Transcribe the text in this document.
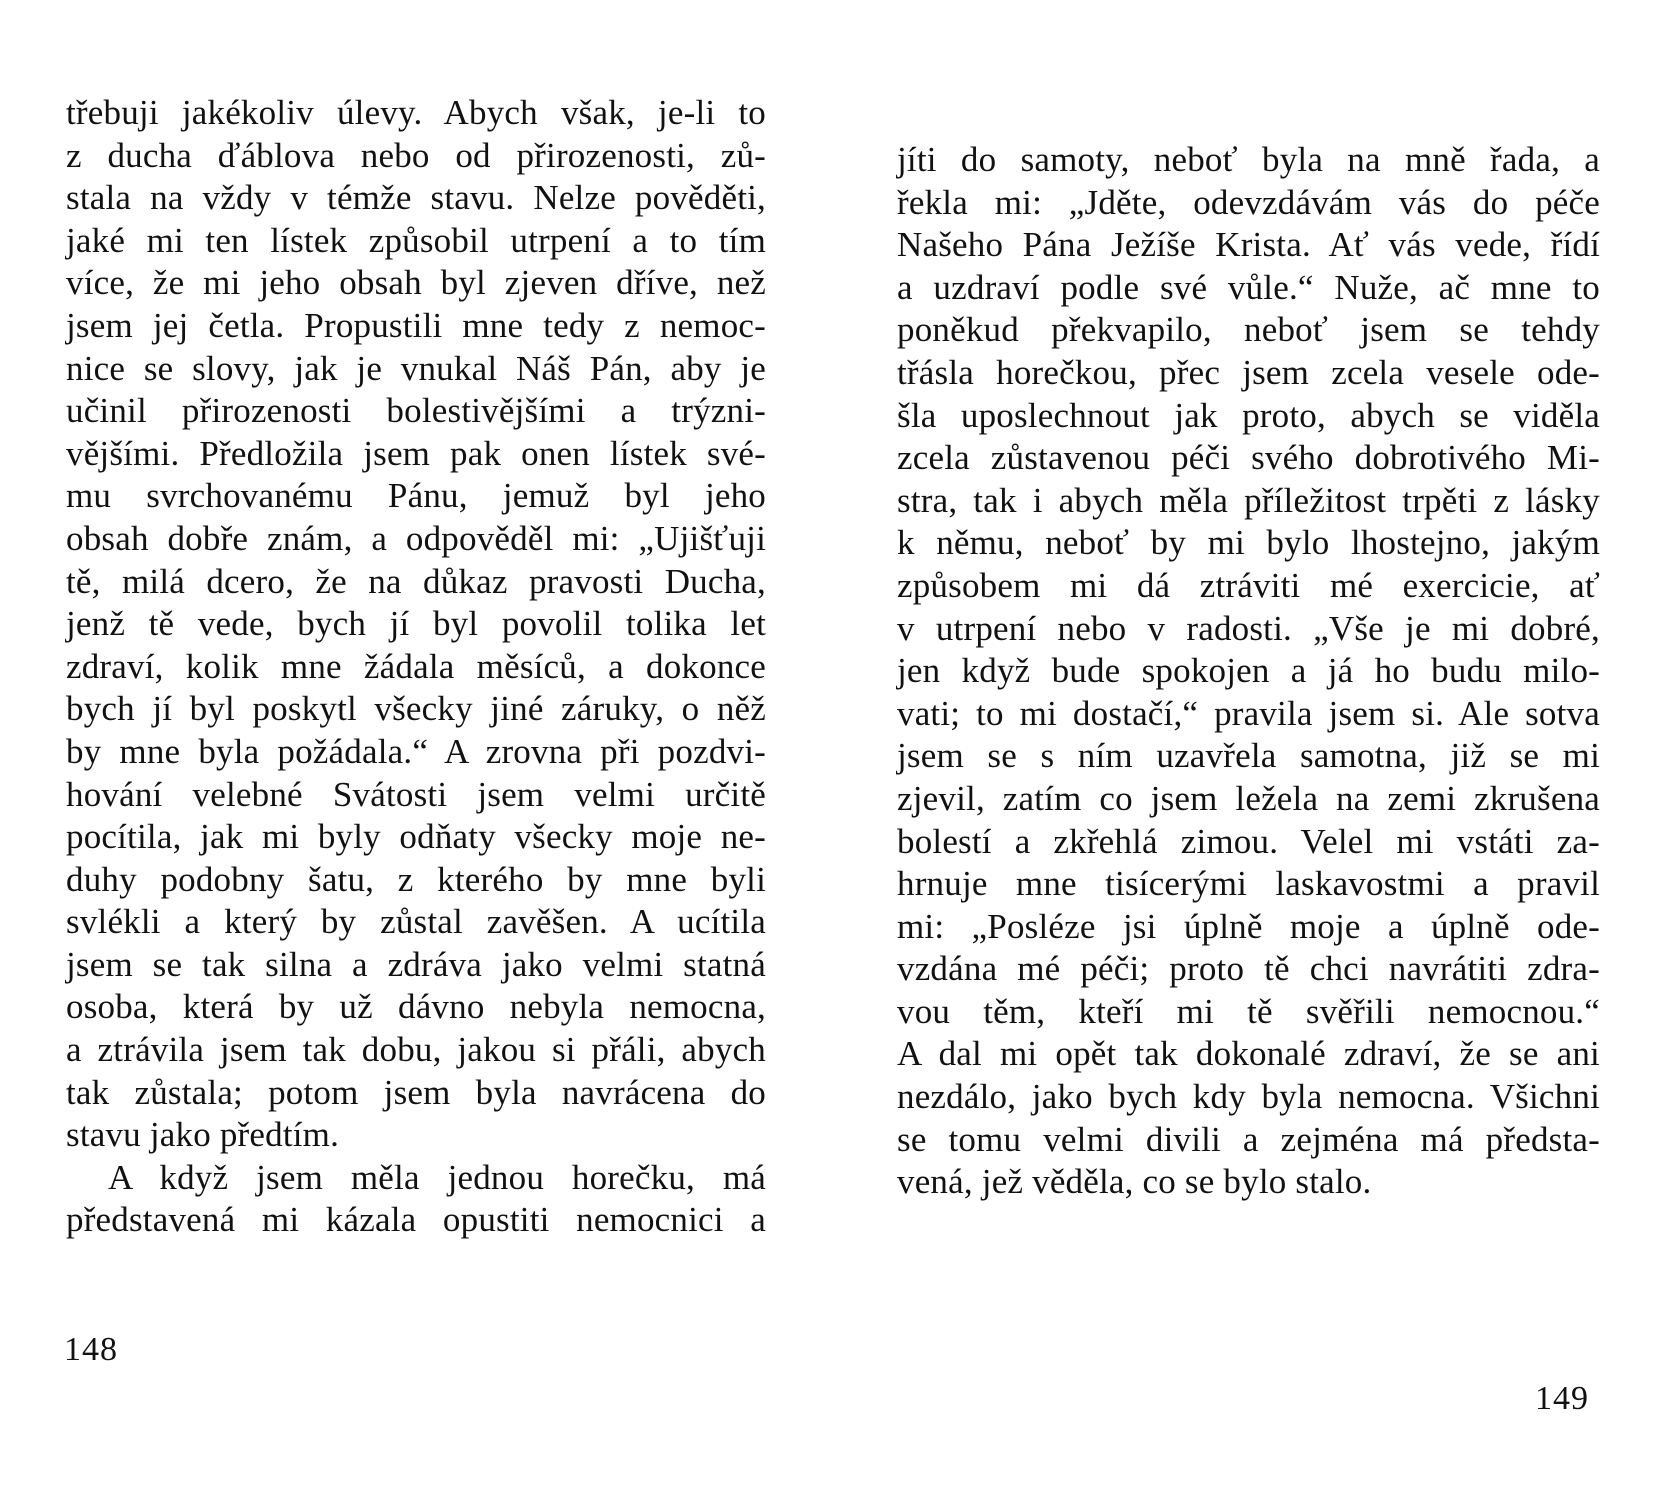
třebuji jakékoliv úlevy. Abych však, je-li to
z ducha ďáblova nebo od přirozenosti, zů-
stala na vždy v témže stavu. Nelze pověděti,
jaké mi ten lístek způsobil utrpení a to tím
více, že mi jeho obsah byl zjeven dříve, než
jsem jej četla. Propustili mne tedy z nemoc-
nice se slovy, jak je vnukal Náš Pán, aby je
učinil přirozenosti bolestivějšími a trýzni-
vějšími. Předložila jsem pak onen lístek své-
mu svrchovanému Pánu, jemuž byl jeho
obsah dobře znám, a odpověděl mi: „Ujišťuji
tě, milá dcero, že na důkaz pravosti Ducha,
jenž tě vede, bych jí byl povolil tolika let
zdraví, kolik mne žádala měsíců, a dokonce
bych jí byl poskytl všecky jiné záruky, o něž
by mne byla požádala.“ A zrovna při pozdvi-
hování velebné Svátosti jsem velmi určitě
pocítila, jak mi byly odňaty všecky moje ne-
duhy podobny šatu, z kterého by mne byli
svlékli a který by zůstal zavěšen. A ucítila
jsem se tak silna a zdráva jako velmi statná
osoba, která by už dávno nebyla nemocna,
a ztrávila jsem tak dobu, jakou si přáli, abych
tak zůstala; potom jsem byla navrácena do
stavu jako předtím.
A když jsem měla jednou horečku, má
představená mi kázala opustiti nemocnici a
148
jíti do samoty, neboť byla na mně řada, a
řekla mi: „Jděte, odevzdávám vás do péče
Našeho Pána Ježíše Krista. Ať vás vede, řídí
a uzdraví podle své vůle.“ Nuže, ač mne to
poněkud překvapilo, neboť jsem se tehdy
třásla horečkou, přec jsem zcela vesele ode-
šla uposlechnout jak proto, abych se viděla
zcela zůstavenou péči svého dobrotivého Mi-
stra, tak i abych měla příležitost trpěti z lásky
k němu, neboť by mi bylo lhostejno, jakým
způsobem mi dá ztráviti mé exercicie, ať
v utrpení nebo v radosti. „Vše je mi dobré,
jen když bude spokojen a já ho budu milo-
vati; to mi dostačí,“ pravila jsem si. Ale sotva
jsem se s ním uzavřela samotna, již se mi
zjevil, zatím co jsem ležela na zemi zkrušena
bolestí a zkřehlá zimou. Velel mi vstáti za-
hrnuje mne tisícerými laskavostmi a pravil
mi: „Posléze jsi úplně moje a úplně ode-
vzdána mé péči; proto tě chci navrátiti zdra-
vou těm, kteří mi tě svěřili nemocnou.“
A dal mi opět tak dokonalé zdraví, že se ani
nezdálo, jako bych kdy byla nemocna. Všichni
se tomu velmi divili a zejména má předsta-
vená, jež věděla, co se bylo stalo.
149
